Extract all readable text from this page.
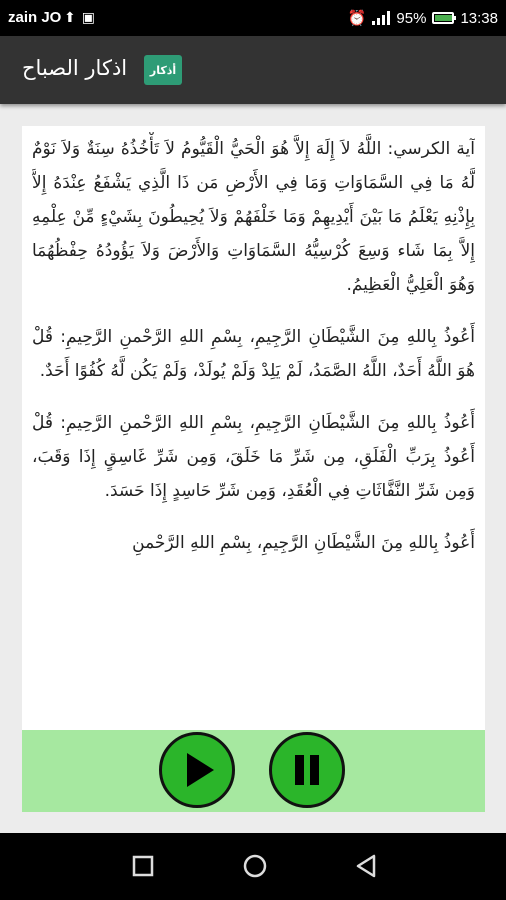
zain JO ⬆▣	⏰ 95% 13:38
أذكار
اذكار الصباح

آية الكرسي: اللَّهُ لاَ إِلَهَ إِلاَّ هُوَ الْحَيُّ الْقَيُّومُ لاَ تَأْخُذُهُ سِنَةٌ وَلاَ نَوْمٌ لَّهُ مَا فِي السَّمَاوَاتِ وَمَا فِي الأَرْضِ مَن ذَا الَّذِي يَشْفَعُ عِنْدَهُ إِلاَّ بِإِذْنِهِ يَعْلَمُ مَا بَيْنَ أَيْدِيهِمْ وَمَا خَلْفَهُمْ وَلاَ يُحِيطُونَ بِشَيْءٍ مِّنْ عِلْمِهِ إِلاَّ بِمَا شَاء وَسِعَ كُرْسِيُّهُ السَّمَاوَاتِ وَالأَرْضَ وَلاَ يَؤُودُهُ حِفْظُهُمَا وَهُوَ الْعَلِيُّ الْعَظِيمُ.

أَعُوذُ بِاللهِ مِنَ الشَّيْطَانِ الرَّجِيمِ، بِسْمِ اللهِ الرَّحْمنِ الرَّحِيمِ: قُلْ هُوَ اللَّهُ أَحَدٌ، اللَّهُ الصَّمَدُ، لَمْ يَلِدْ وَلَمْ يُولَدْ، وَلَمْ يَكُن لَّهُ كُفُوًا أَحَدٌ.

أَعُوذُ بِاللهِ مِنَ الشَّيْطَانِ الرَّجِيمِ، بِسْمِ اللهِ الرَّحْمنِ الرَّحِيمِ: قُلْ أَعُوذُ بِرَبِّ الْفَلَقِ، مِن شَرِّ مَا خَلَقَ، وَمِن شَرِّ غَاسِقٍ إِذَا وَقَبَ، وَمِن شَرِّ النَّفَّاثَاتِ فِي الْعُقَدِ، وَمِن شَرِّ حَاسِدٍ إِذَا حَسَدَ.

أَعُوذُ بِاللهِ مِنَ الشَّيْطَانِ الرَّجِيمِ، بِسْمِ اللهِ الرَّحْمنِ
